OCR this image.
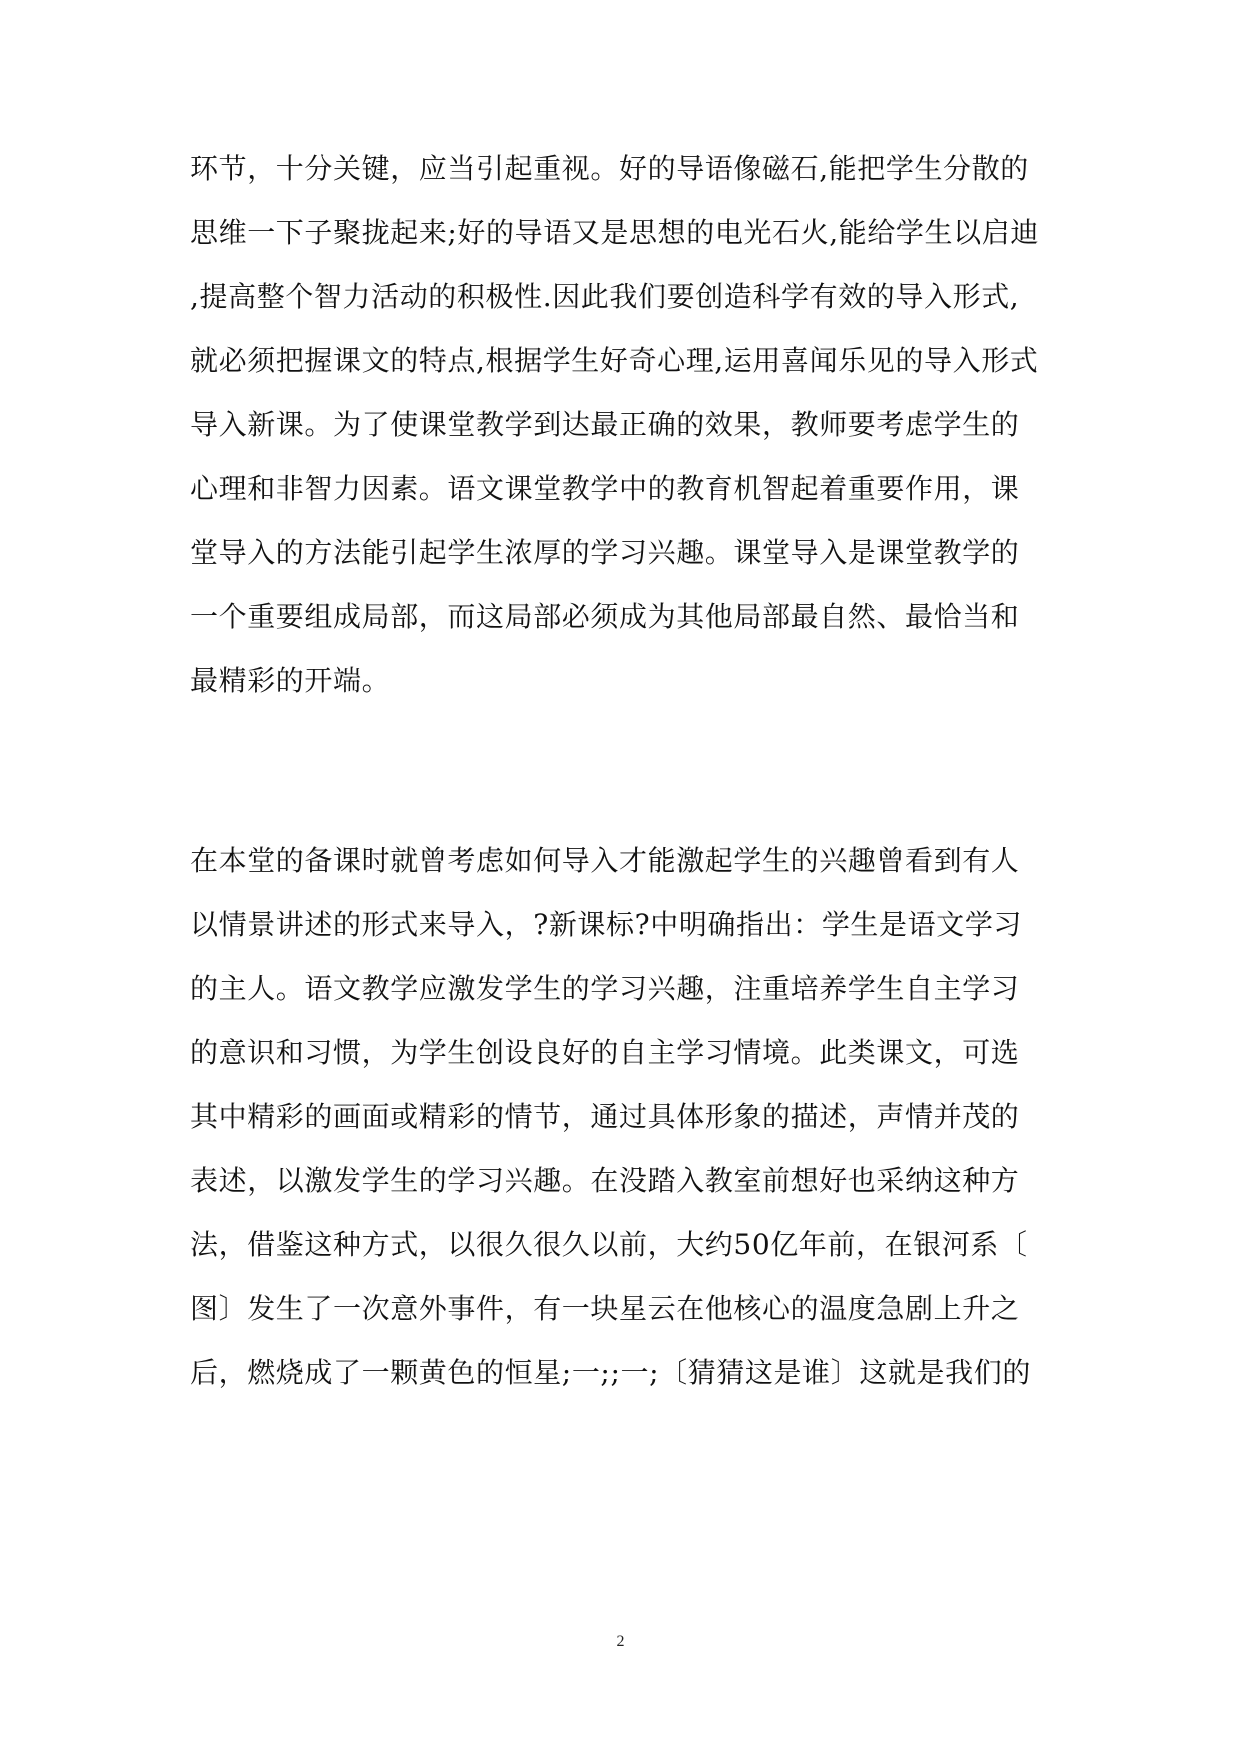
环节，十分关键，应当引起重视。好的导语像磁石,能把学生分散的
思维一下子聚拢起来;好的导语又是思想的电光石火,能给学生以启迪
,提高整个智力活动的积极性.因此我们要创造科学有效的导入形式,
就必须把握课文的特点,根据学生好奇心理,运用喜闻乐见的导入形式
导入新课。为了使课堂教学到达最正确的效果，教师要考虑学生的
心理和非智力因素。语文课堂教学中的教育机智起着重要作用，课
堂导入的方法能引起学生浓厚的学习兴趣。课堂导入是课堂教学的
一个重要组成局部，而这局部必须成为其他局部最自然、最恰当和
最精彩的开端。
在本堂的备课时就曾考虑如何导入才能激起学生的兴趣曾看到有人
以情景讲述的形式来导入，?新课标?中明确指出：学生是语文学习
的主人。语文教学应激发学生的学习兴趣，注重培养学生自主学习
的意识和习惯，为学生创设良好的自主学习情境。此类课文，可选
其中精彩的画面或精彩的情节，通过具体形象的描述，声情并茂的
表述，以激发学生的学习兴趣。在没踏入教室前想好也采纳这种方
法，借鉴这种方式，以很久很久以前，大约50亿年前，在银河系〔
图〕发生了一次意外事件，有一块星云在他核心的温度急剧上升之
后，燃烧成了一颗黄色的恒星;一;;一;〔猜猜这是谁〕这就是我们的
2
